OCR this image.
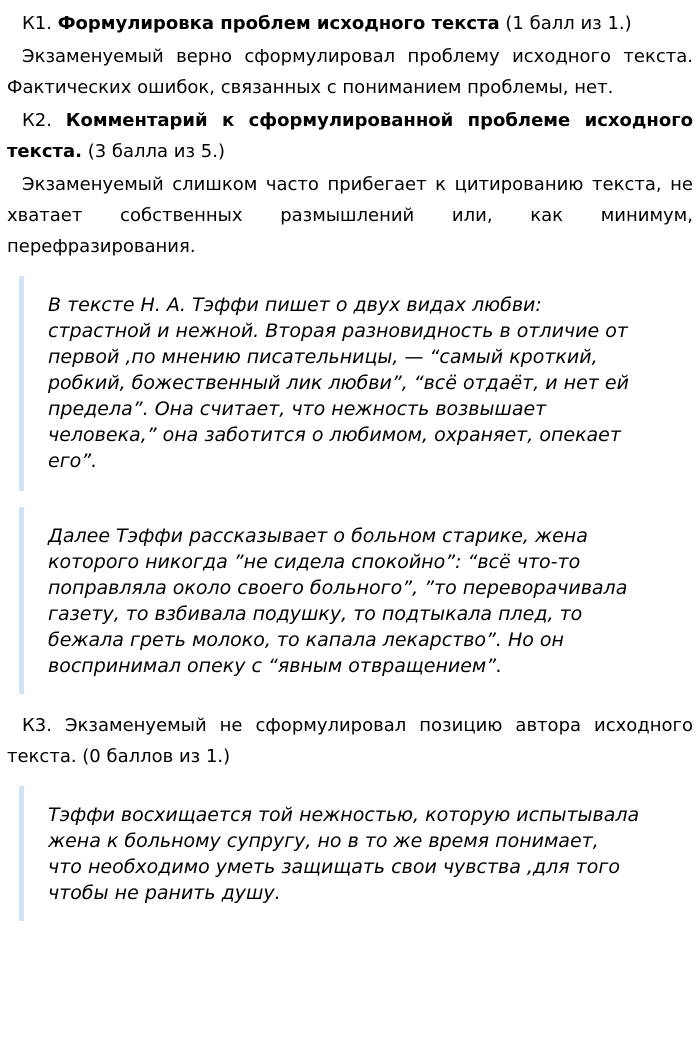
К1. Формулировка проблем исходного текста (1 балл из 1.)

Экзаменуемый верно сформулировал проблему исходного текста. Фактических ошибок, связанных с пониманием проблемы, нет.

К2. Комментарий к сформулированной проблеме исходного текста. (3 балла из 5.)

Экзаменуемый слишком часто прибегает к цитированию текста, не хватает собственных размышлений или, как минимум, перефразирования.

В тексте Н. А. Тэффи пишет о двух видах любви:
страстной и нежной. Вторая разновидность в отличие от
первой ,по мнению писательницы, — “самый кроткий,
робкий, божественный лик любви”, “всё отдаёт, и нет ей
предела”. Она считает, что нежность возвышает
человека,” она заботится о любимом, охраняет, опекает
его”.
Далее Тэффи рассказывает о больном старике, жена
которого никогда ”не сидела спокойно”: “всё что-то
поправляла около своего больного”, ”то переворачивала
газету, то взбивала подушку, то подтыкала плед, то
бежала греть молоко, то капала лекарство”. Но он
воспринимал опеку с “явным отвращением”.

К3. Экзаменуемый не сформулировал позицию автора исходного текста. (0 баллов из 1.)

Тэффи восхищается той нежностью, которую испытывала
жена к больному супругу, но в то же время понимает,
что необходимо уметь защищать свои чувства ,для того
чтобы не ранить душу.
